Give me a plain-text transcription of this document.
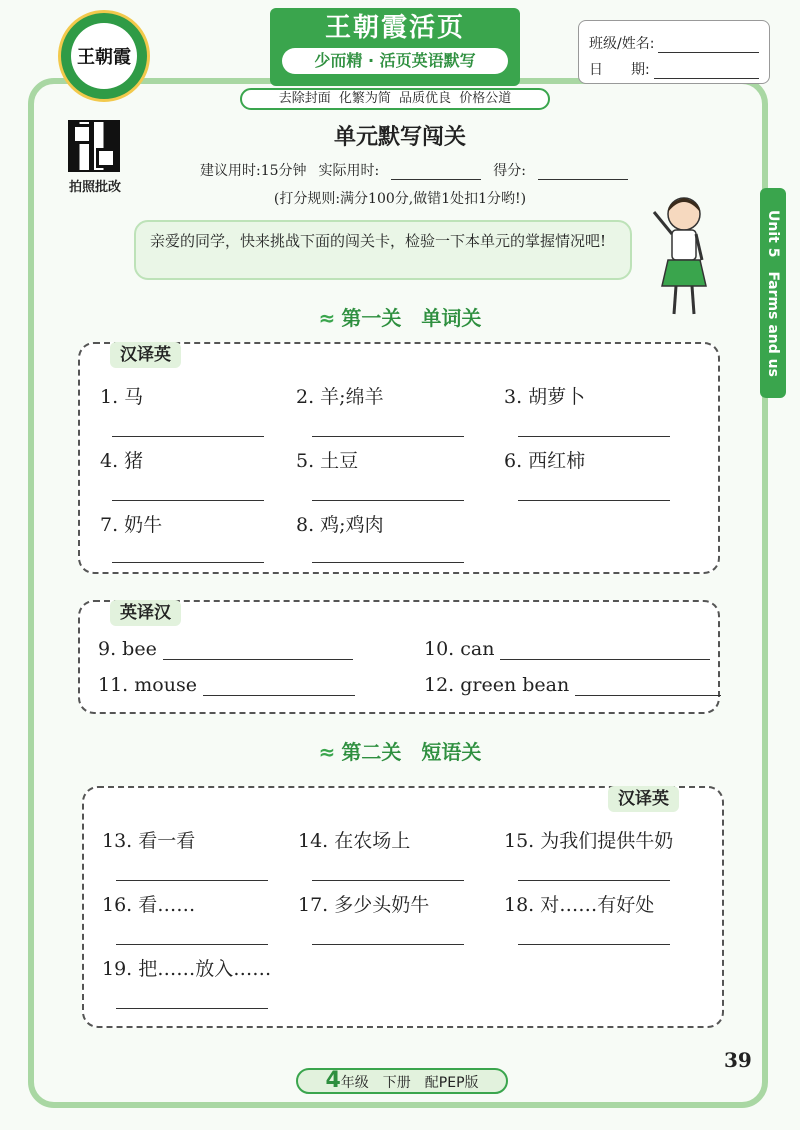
王朝霞
王朝霞活页
少而精 · 活页英语默写
去除封面 化繁为简 品质优良 价格公道
班级/姓名:
日　　期:
拍照批改
单元默写闯关
建议用时:15分钟 实际用时:	得分:
(打分规则:满分100分,做错1处扣1分哟!)
Unit 5　Farms and us
亲爱的同学，快来挑战下面的闯关卡，检验一下本单元的掌握情况吧!
≈ 第一关　单词关
汉译英
1. 马	2. 羊;绵羊	3. 胡萝卜
4. 猪	5. 土豆	6. 西红柿
7. 奶牛	8. 鸡;鸡肉
英译汉
9. bee	10. can
11. mouse	12. green bean
≈ 第二关　短语关
汉译英
13. 看一看	14. 在农场上	15. 为我们提供牛奶
16. 看……	17. 多少头奶牛	18. 对……有好处
19. 把……放入……
4年级　下册　配PEP版
39
